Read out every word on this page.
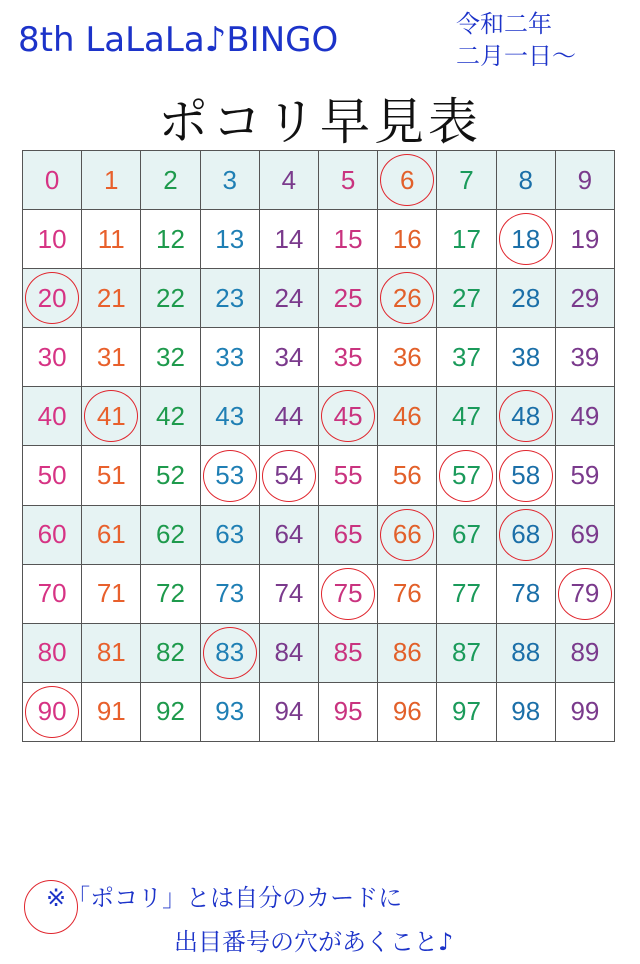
8th LaLaLa♪BINGO	令和二年
二月一日〜
ポコリ早見表
0 1 2 3 4 5 6 7 8 9
10 11 12 13 14 15 16 17 18 19
20 21 22 23 24 25 26 27 28 29
30 31 32 33 34 35 36 37 38 39
40 41 42 43 44 45 46 47 48 49
50 51 52 53 54 55 56 57 58 59
60 61 62 63 64 65 66 67 68 69
70 71 72 73 74 75 76 77 78 79
80 81 82 83 84 85 86 87 88 89
90 91 92 93 94 95 96 97 98 99
※「ポコリ」とは自分のカードに
出目番号の穴があくこと♪
